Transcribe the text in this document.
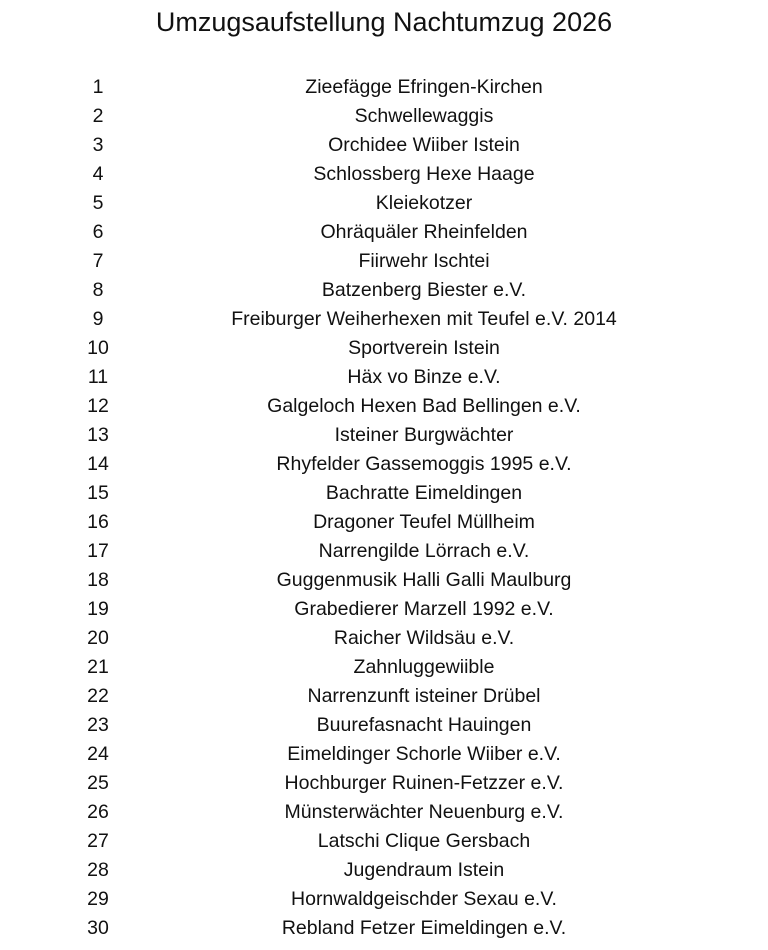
Umzugsaufstellung Nachtumzug 2026
1	Zieefägge Efringen-Kirchen
2	Schwellewaggis
3	Orchidee Wiiber Istein
4	Schlossberg Hexe Haage
5	Kleiekotzer
6	Ohräquäler Rheinfelden
7	Fiirwehr Ischtei
8	Batzenberg Biester e.V.
9	Freiburger Weiherhexen mit Teufel e.V. 2014
10	Sportverein Istein
11	Häx vo Binze e.V.
12	Galgeloch Hexen Bad Bellingen e.V.
13	Isteiner Burgwächter
14	Rhyfelder Gassemoggis 1995 e.V.
15	Bachratte Eimeldingen
16	Dragoner Teufel Müllheim
17	Narrengilde Lörrach e.V.
18	Guggenmusik Halli Galli Maulburg
19	Grabedierer Marzell 1992 e.V.
20	Raicher Wildsäu e.V.
21	Zahnluggewiible
22	Narrenzunft isteiner Drübel
23	Buurefasnacht Hauingen
24	Eimeldinger Schorle Wiiber e.V.
25	Hochburger Ruinen-Fetzzer e.V.
26	Münsterwächter Neuenburg e.V.
27	Latschi Clique Gersbach
28	Jugendraum Istein
29	Hornwaldgeischder Sexau e.V.
30	Rebland Fetzer Eimeldingen e.V.
